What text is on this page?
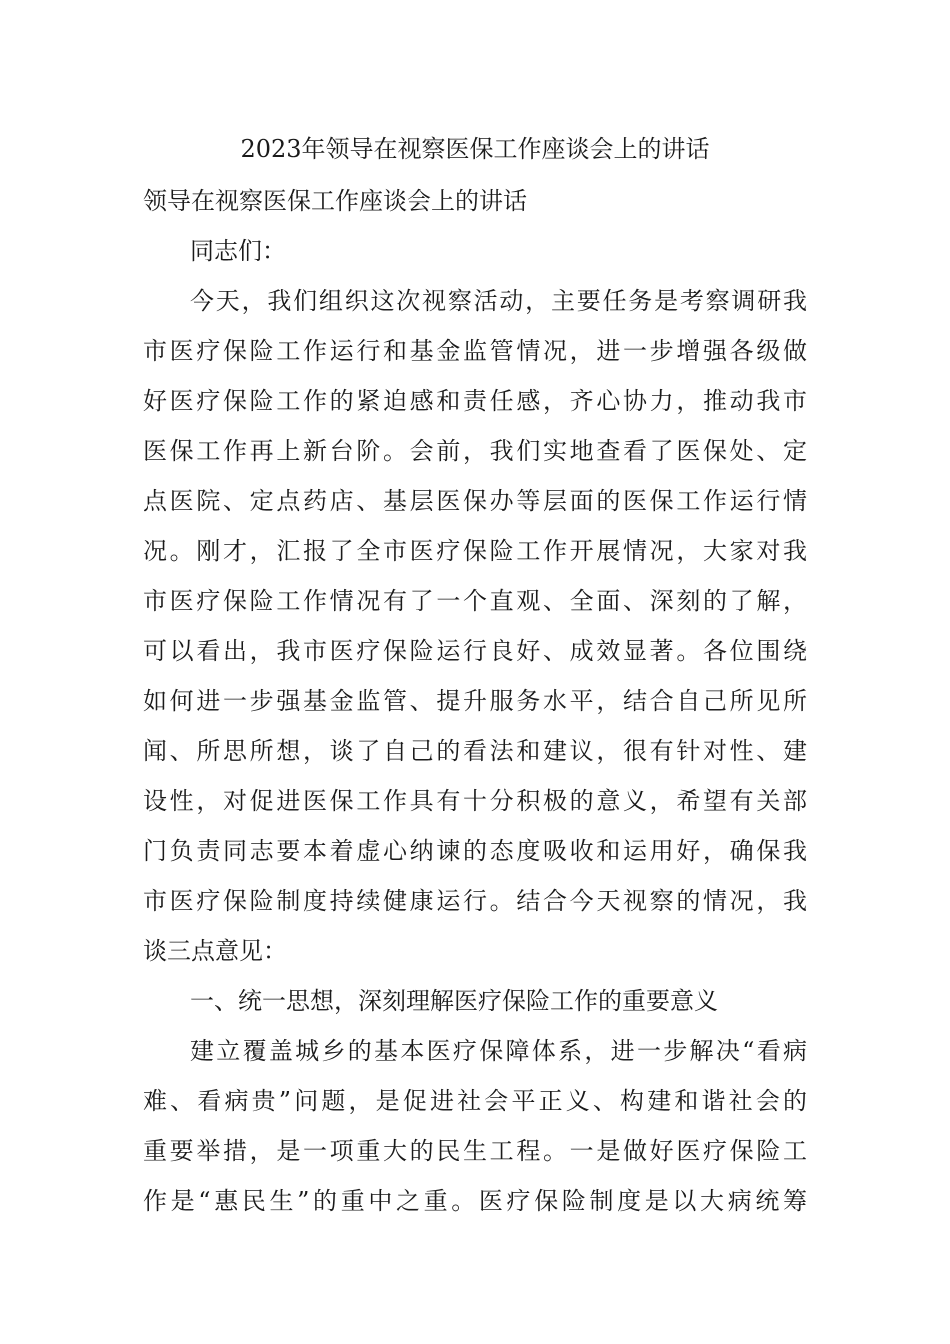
2023年领导在视察医保工作座谈会上的讲话
领导在视察医保工作座谈会上的讲话
同志们：
今天，我们组织这次视察活动，主要任务是考察调研我
市医疗保险工作运行和基金监管情况，进一步增强各级做
好医疗保险工作的紧迫感和责任感，齐心协力，推动我市
医保工作再上新台阶。会前，我们实地查看了医保处、定
点医院、定点药店、基层医保办等层面的医保工作运行情
况。刚才，汇报了全市医疗保险工作开展情况，大家对我
市医疗保险工作情况有了一个直观、全面、深刻的了解，
可以看出，我市医疗保险运行良好、成效显著。各位围绕
如何进一步强基金监管、提升服务水平，结合自己所见所
闻、所思所想，谈了自己的看法和建议，很有针对性、建
设性，对促进医保工作具有十分积极的意义，希望有关部
门负责同志要本着虚心纳谏的态度吸收和运用好，确保我
市医疗保险制度持续健康运行。结合今天视察的情况，我
谈三点意见：
一、统一思想，深刻理解医疗保险工作的重要意义
建立覆盖城乡的基本医疗保障体系，进一步解决“看病
难、看病贵”问题，是促进社会平正义、构建和谐社会的
重要举措，是一项重大的民生工程。一是做好医疗保险工
作是“惠民生”的重中之重。医疗保险制度是以大病统筹
